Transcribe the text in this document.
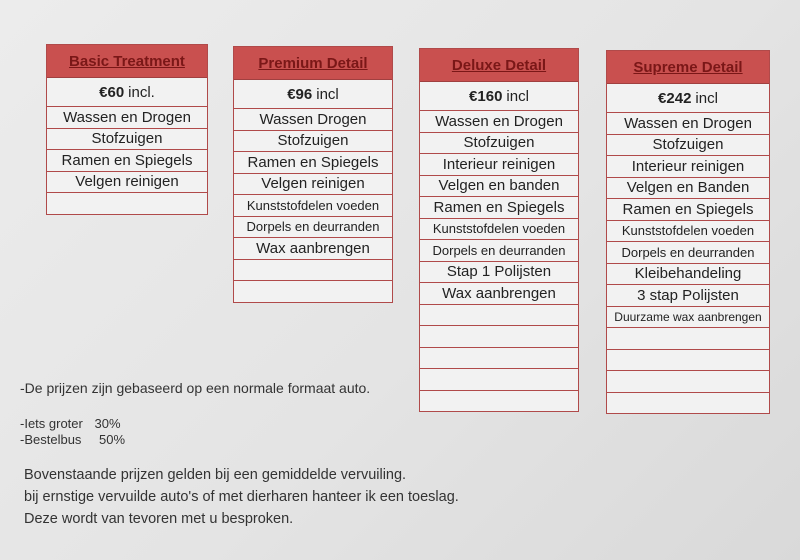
Basic Treatment
€60 incl.
Wassen en Drogen
Stofzuigen
Ramen en Spiegels
Velgen reinigen
Premium Detail
€96 incl
Wassen Drogen
Stofzuigen
Ramen en Spiegels
Velgen reinigen
Kunststofdelen voeden
Dorpels en deurranden
Wax aanbrengen
Deluxe Detail
€160 incl
Wassen en Drogen
Stofzuigen
Interieur reinigen
Velgen en banden
Ramen en Spiegels
Kunststofdelen voeden
Dorpels en deurranden
Stap 1 Polijsten
Wax aanbrengen
Supreme Detail
€242 incl
Wassen en Drogen
Stofzuigen
Interieur reinigen
Velgen en Banden
Ramen en Spiegels
Kunststofdelen voeden
Dorpels en deurranden
Kleibehandeling
3 stap Polijsten
Duurzame wax aanbrengen
-De prijzen zijn gebaseerd op een normale formaat auto.
-Iets groter 30%
-Bestelbus 50%

Bovenstaande prijzen gelden bij een gemiddelde vervuiling.

bij ernstige vervuilde auto's of met dierharen hanteer ik een toeslag.

Deze wordt van tevoren met u besproken.
